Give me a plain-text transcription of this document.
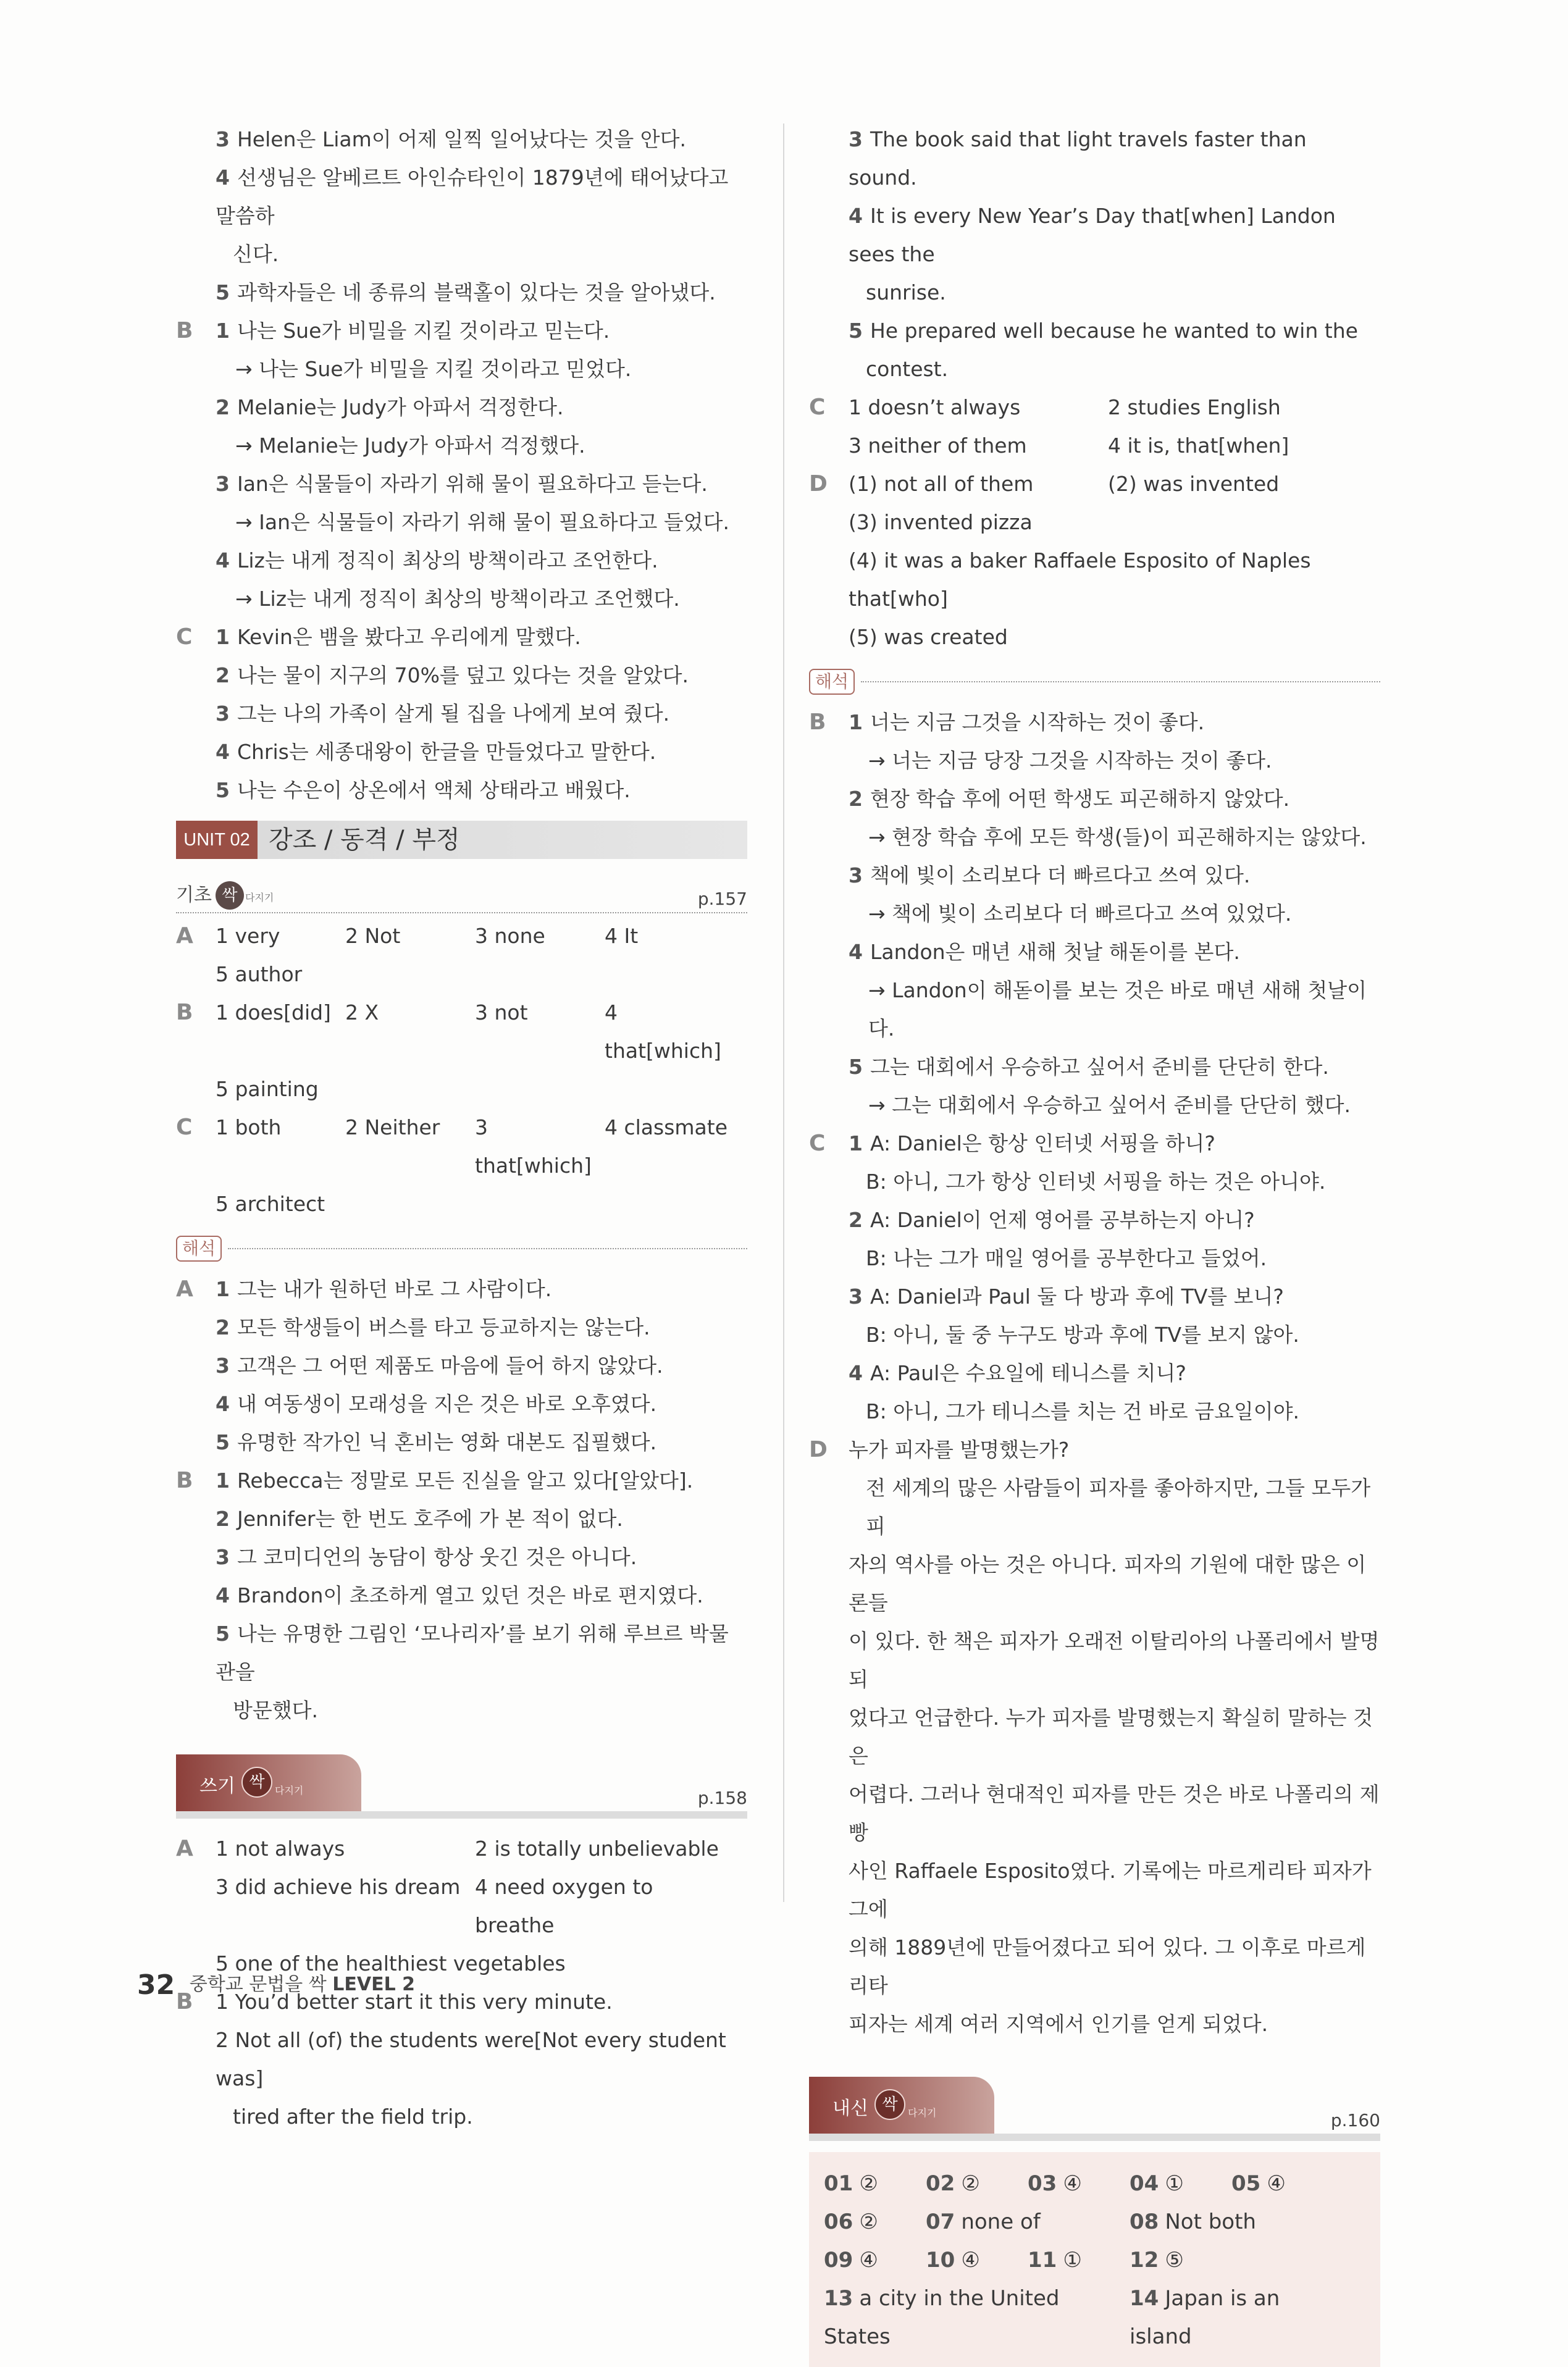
3 Helen은 Liam이 어제 일찍 일어났다는 것을 안다.
4 선생님은 알베르트 아인슈타인이 1879년에 태어났다고 말씀하
신다.
5 과학자들은 네 종류의 블랙홀이 있다는 것을 알아냈다.
B	1 나는 Sue가 비밀을 지킬 것이라고 믿는다.
→ 나는 Sue가 비밀을 지킬 것이라고 믿었다.
2 Melanie는 Judy가 아파서 걱정한다.
→ Melanie는 Judy가 아파서 걱정했다.
3 Ian은 식물들이 자라기 위해 물이 필요하다고 듣는다.
→ Ian은 식물들이 자라기 위해 물이 필요하다고 들었다.
4 Liz는 내게 정직이 최상의 방책이라고 조언한다.
→ Liz는 내게 정직이 최상의 방책이라고 조언했다.
C	1 Kevin은 뱀을 봤다고 우리에게 말했다.
2 나는 물이 지구의 70%를 덮고 있다는 것을 알았다.
3 그는 나의 가족이 살게 될 집을 나에게 보여 줬다.
4 Chris는 세종대왕이 한글을 만들었다고 말한다.
5 나는 수은이 상온에서 액체 상태라고 배웠다.
UNIT 02 강조 / 동격 / 부정
기초 싹 다지기	p.157
A 1 very	2 Not	3 none	4 It
5 author
B 1 does[did] 2 X	3 not	4 that[which]
5 painting
C 1 both	2 Neither	3 that[which]
4 classmate
5 architect
해석
A	1 그는 내가 원하던 바로 그 사람이다.
2 모든 학생들이 버스를 타고 등교하지는 않는다.
3 고객은 그 어떤 제품도 마음에 들어 하지 않았다.
4 내 여동생이 모래성을 지은 것은 바로 오후였다.
5 유명한 작가인 닉 혼비는 영화 대본도 집필했다.
B	1 Rebecca는 정말로 모든 진실을 알고 있다[알았다].
2 Jennifer는 한 번도 호주에 가 본 적이 없다.
3 그 코미디언의 농담이 항상 웃긴 것은 아니다.
4 Brandon이 초조하게 열고 있던 것은 바로 편지였다.
5 나는 유명한 그림인 ‘모나리자’를 보기 위해 루브르 박물관을
방문했다.
쓰기 싹	다지기	p.158
A 1 not always	2 is totally unbelievable
3 did achieve his dream 4 need oxygen to breathe
5 one of the healthiest vegetables
B	1 You’d better start it this very minute.
2 Not all (of) the students were[Not every student was]
tired after the field trip.
3 The book said that light travels faster than sound.
4 It is every New Year’s Day that[when] Landon sees the
sunrise.
5 He prepared well because he wanted to win the
contest.
C 1 doesn’t always	2 studies English
3 neither of them	4 it is, that[when]
D (1) not all of them	(2) was invented
(3) invented pizza
(4) it was a baker Raffaele Esposito of Naples that[who]
(5) was created
해석
B	1 너는 지금 그것을 시작하는 것이 좋다.
→ 너는 지금 당장 그것을 시작하는 것이 좋다.
2 현장 학습 후에 어떤 학생도 피곤해하지 않았다.
→ 현장 학습 후에 모든 학생(들)이 피곤해하지는 않았다.
3 책에 빛이 소리보다 더 빠르다고 쓰여 있다.
→ 책에 빛이 소리보다 더 빠르다고 쓰여 있었다.
4 Landon은 매년 새해 첫날 해돋이를 본다.
→ Landon이 해돋이를 보는 것은 바로 매년 새해 첫날이다.
5 그는 대회에서 우승하고 싶어서 준비를 단단히 한다.
→ 그는 대회에서 우승하고 싶어서 준비를 단단히 했다.
C	1 A: Daniel은 항상 인터넷 서핑을 하니?
B: 아니, 그가 항상 인터넷 서핑을 하는 것은 아니야.
2 A: Daniel이 언제 영어를 공부하는지 아니?
B: 나는 그가 매일 영어를 공부한다고 들었어.
3 A: Daniel과 Paul 둘 다 방과 후에 TV를 보니?
B: 아니, 둘 중 누구도 방과 후에 TV를 보지 않아.
4 A: Paul은 수요일에 테니스를 치니?
B: 아니, 그가 테니스를 치는 건 바로 금요일이야.
D	누가 피자를 발명했는가?
전 세계의 많은 사람들이 피자를 좋아하지만, 그들 모두가 피
자의 역사를 아는 것은 아니다. 피자의 기원에 대한 많은 이론들
이 있다. 한 책은 피자가 오래전 이탈리아의 나폴리에서 발명되
었다고 언급한다. 누가 피자를 발명했는지 확실히 말하는 것은
어렵다. 그러나 현대적인 피자를 만든 것은 바로 나폴리의 제빵
사인 Raffaele Esposito였다. 기록에는 마르게리타 피자가 그에
의해 1889년에 만들어졌다고 되어 있다. 그 이후로 마르게리타
피자는 세계 여러 지역에서 인기를 얻게 되었다.
내신 싹	다지기	p.160
01 ②	02 ②	03 ④	04 ①	05 ④
06 ②	07 none of	08 Not both
09 ④	10 ④	11 ①	12 ⑤
13 a city in the United States
14 Japan is an island
32 중학교 문법을 싹 LEVEL 2
